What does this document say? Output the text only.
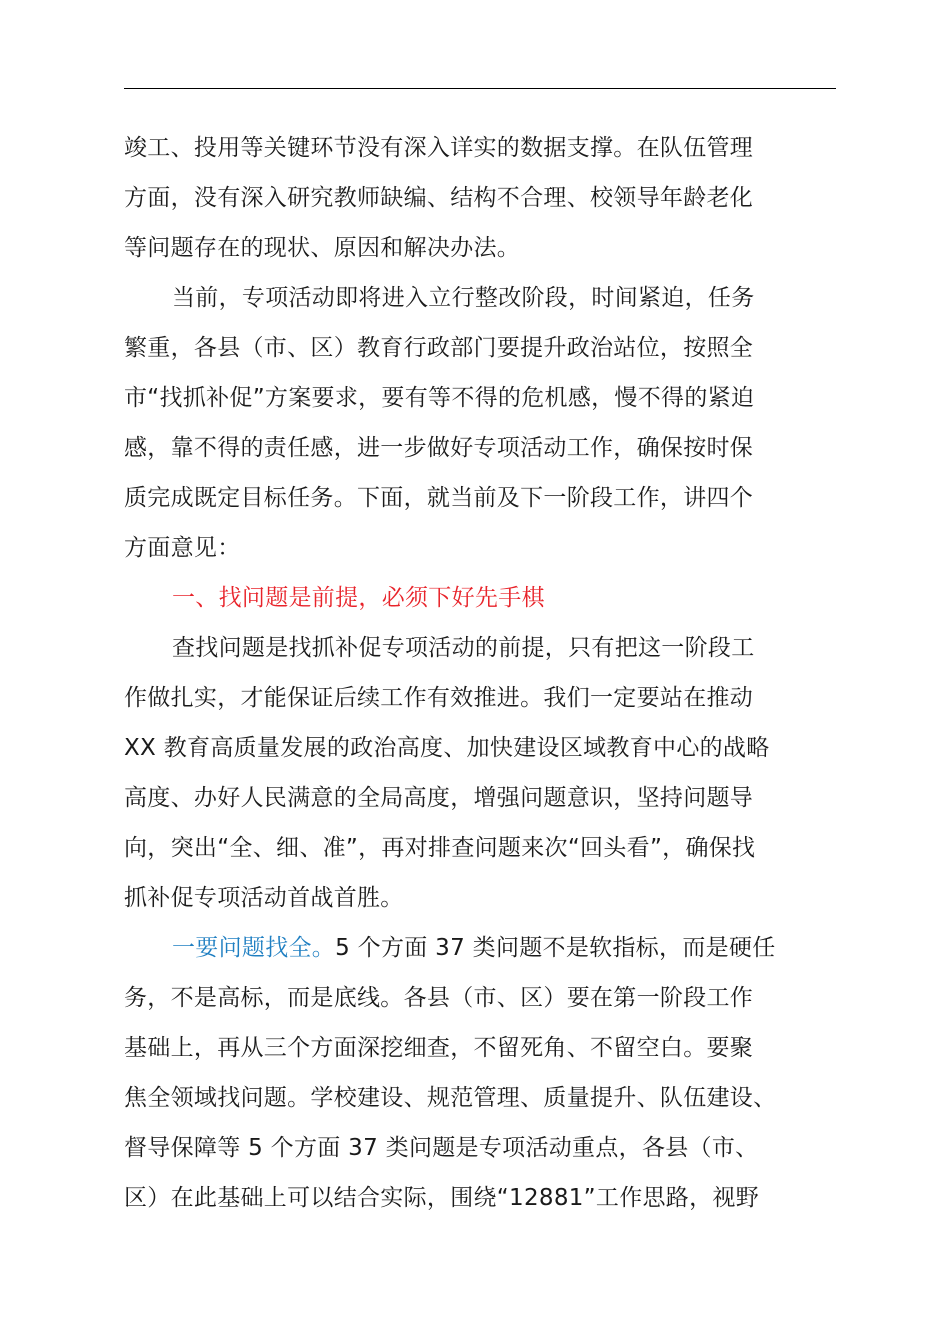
竣工、投用等关键环节没有深入详实的数据支撑。在队伍管理
方面，没有深入研究教师缺编、结构不合理、校领导年龄老化
等问题存在的现状、原因和解决办法。
当前，专项活动即将进入立行整改阶段，时间紧迫，任务
繁重，各县（市、区）教育行政部门要提升政治站位，按照全
市“找抓补促”方案要求，要有等不得的危机感，慢不得的紧迫
感，靠不得的责任感，进一步做好专项活动工作，确保按时保
质完成既定目标任务。下面，就当前及下一阶段工作，讲四个
方面意见：
一、找问题是前提，必须下好先手棋
查找问题是找抓补促专项活动的前提，只有把这一阶段工
作做扎实，才能保证后续工作有效推进。我们一定要站在推动
XX 教育高质量发展的政治高度、加快建设区域教育中心的战略
高度、办好人民满意的全局高度，增强问题意识，坚持问题导
向，突出“全、细、准”，再对排查问题来次“回头看”，确保找
抓补促专项活动首战首胜。
一要问题找全。5 个方面 37 类问题不是软指标，而是硬任
务，不是高标，而是底线。各县（市、区）要在第一阶段工作
基础上，再从三个方面深挖细查，不留死角、不留空白。要聚
焦全领域找问题。学校建设、规范管理、质量提升、队伍建设、
督导保障等 5 个方面 37 类问题是专项活动重点，各县（市、
区）在此基础上可以结合实际，围绕“12881”工作思路，视野
